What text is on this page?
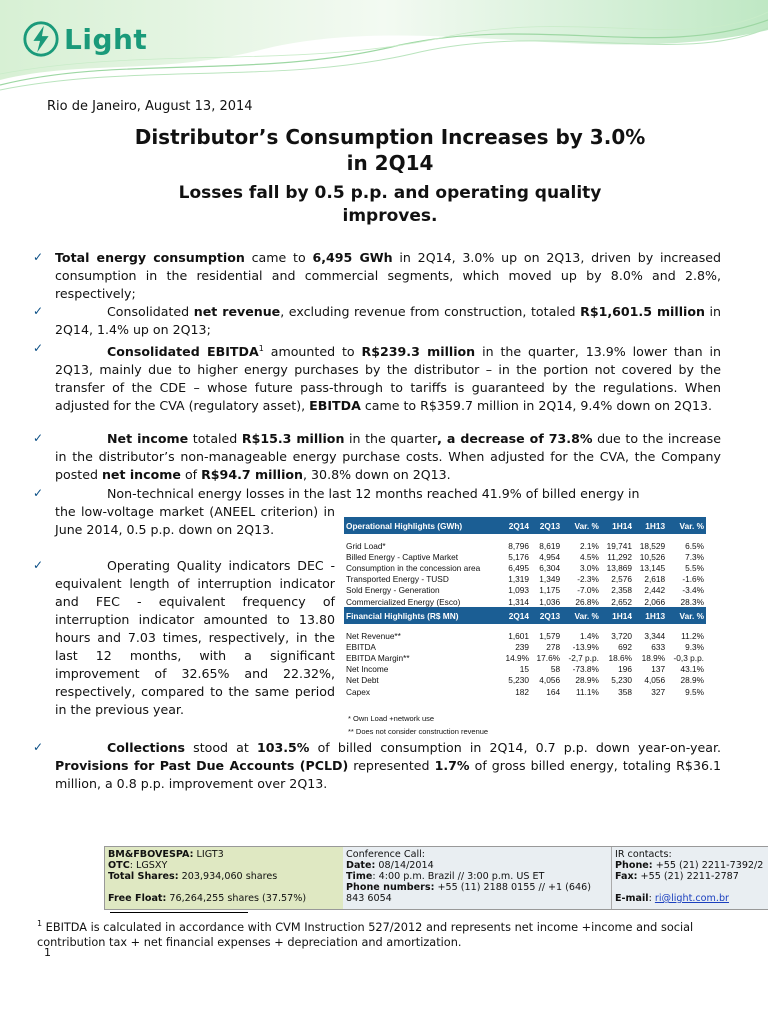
Light
Rio de Janeiro, August 13, 2014
Distributor’s Consumption Increases by 3.0%
in 2Q14
Losses fall by 0.5 p.p. and operating quality
improves.
✓ Total energy consumption came to 6,495 GWh in 2Q14, 3.0% up on 2Q13, driven by increased consumption in the residential and commercial segments, which moved up by 8.0% and 2.8%, respectively;
✓	Consolidated net revenue, excluding revenue from construction, totaled R$1,601.5 million in 2Q14, 1.4% up on 2Q13;
✓	Consolidated EBITDA$^1$ amounted to R$239.3 million in the quarter, 13.9% lower than in 2Q13, mainly due to higher energy purchases by the distributor – in the portion not covered by the transfer of the CDE – whose future pass-through to tariffs is guaranteed by the regulations. When adjusted for the CVA (regulatory asset), EBITDA came to R$359.7 million in 2Q14, 9.4% down on 2Q13.
✓	Net income totaled R$15.3 million in the quarter, a decrease of 73.8% due to the increase in the distributor’s non-manageable energy purchase costs. When adjusted for the CVA, the Company posted net income of R$94.7 million, 30.8% down on 2Q13.
✓	Non-technical energy losses in the last 12 months reached 41.9% of billed energy in
the low-voltage market (ANEEL criterion) in June 2014, 0.5 p.p. down on 2Q13.
✓	Operating Quality indicators DEC - equivalent length of interruption indicator and FEC - equivalent frequency of interruption indicator amounted to 13.80 hours and 7.03 times, respectively, in the last 12 months, with a significant improvement of 32.65% and 22.32%, respectively, compared to the same period in the previous year.
✓	Collections stood at 103.5% of billed consumption in 2Q14, 0.7 p.p. down year-on-year. Provisions for Past Due Accounts (PCLD) represented 1.7% of gross billed energy, totaling R$36.1 million, a 0.8 p.p. improvement over 2Q13.
Operational Highlights (GWh)	2Q14	2Q13	Var. %	1H14	1H13	Var. %

Grid Load*	8,796	8,619	2.1%	19,741	18,529	6.5%
Billed Energy - Captive Market	5,176	4,954	4.5%	11,292	10,526	7.3%
Consumption in the concession area	6,495	6,304	3.0%	13,869	13,145	5.5%
Transported Energy - TUSD	1,319	1,349	-2.3%	2,576	2,618	-1.6%
Sold Energy - Generation	1,093	1,175	-7.0%	2,358	2,442	-3.4%
Commercialized Energy (Esco)	1,314	1,036	26.8%	2,652	2,066	28.3%
Financial Highlights (R$ MN)	2Q14	2Q13	Var. %	1H14	1H13	Var. %

Net Revenue**	1,601	1,579	1.4%	3,720	3,344	11.2%
EBITDA	239	278	-13.9%	692	633	9.3%
EBITDA Margin**	14.9%	17.6%	-2,7 p.p.	18.6%	18.9%	-0,3 p.p.
Net Income	15	58	-73.8%	196	137	43.1%
Net Debt	5,230	4,056	28.9%	5,230	4,056	28.9%
Capex	182	164	11.1%	358	327	9.5%
* Own Load +network use
** Does not consider construction revenue
BM&FBOVESPA: LIGT3
OTC: LGSXY
Total Shares: 203,934,060 shares
Free Float: 76,264,255 shares (37.57%)
Conference Call:
Date: 08/14/2014
Time: 4:00 p.m. Brazil // 3:00 p.m. US ET
Phone numbers: +55 (11) 2188 0155 // +1 (646) 843 6054
IR contacts:
Phone: +55 (21) 2211-7392/2
Fax: +55 (21) 2211-2787
E-mail: ri@light.com.br
$^1$ EBITDA is calculated in accordance with CVM Instruction 527/2012 and represents net income +income and social contribution tax + net financial expenses + depreciation and amortization.
1
